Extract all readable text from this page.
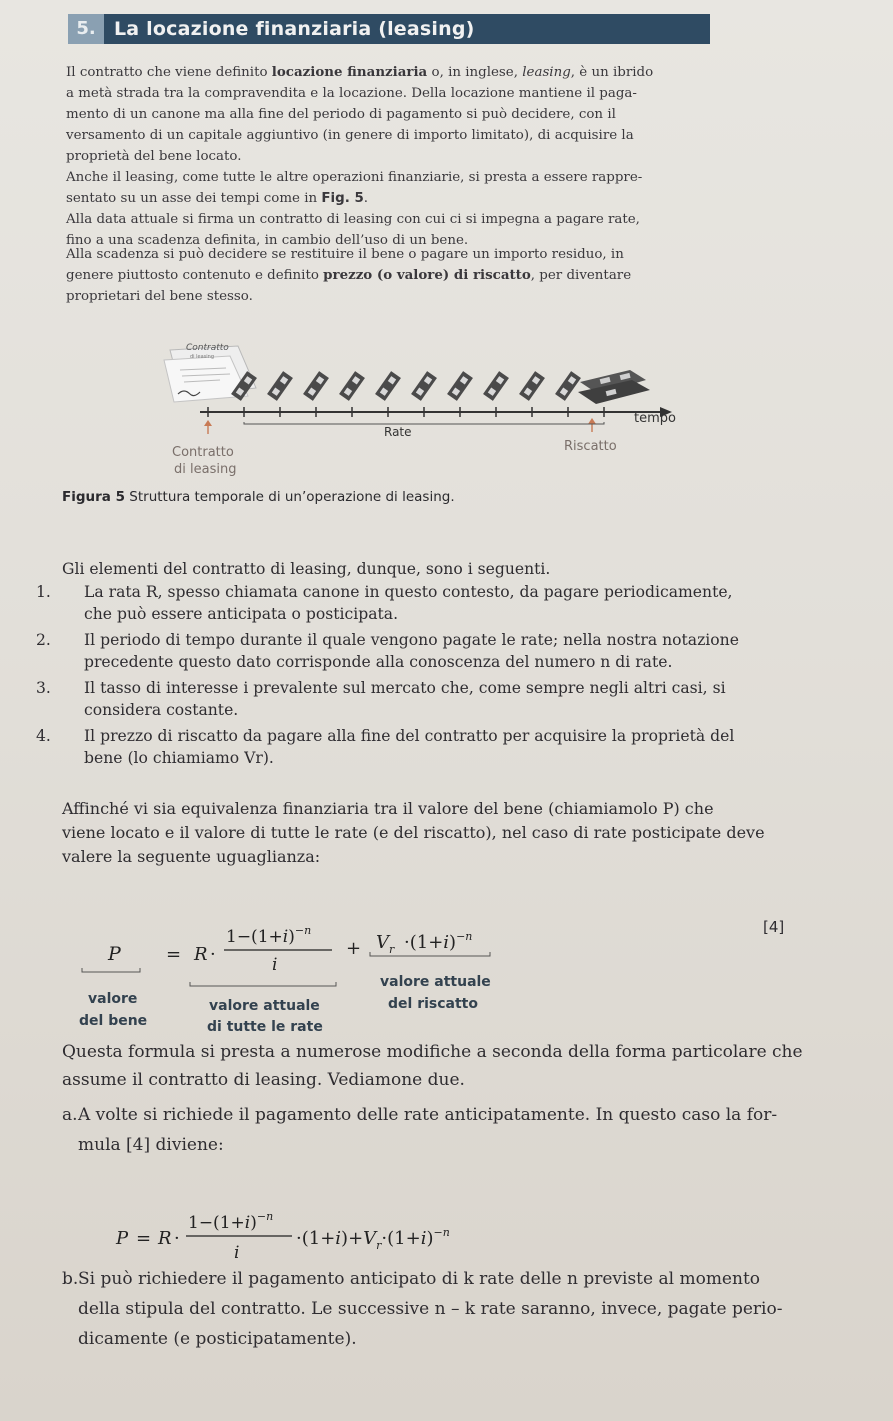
5. La locazione finanziaria (leasing)
Il contratto che viene definito locazione finanziaria o, in inglese, leasing, è un ibrido
a metà strada tra la compravendita e la locazione. Della locazione mantiene il paga-
mento di un canone ma alla fine del periodo di pagamento si può decidere, con il
versamento di un capitale aggiuntivo (in genere di importo limitato), di acquisire la
proprietà del bene locato.
Anche il leasing, come tutte le altre operazioni finanziarie, si presta a essere rappre-
sentato su un asse dei tempi come in Fig. 5.
Alla data attuale si firma un contratto di leasing con cui ci si impegna a pagare rate,
fino a una scadenza definita, in cambio dell’uso di un bene.
Alla scadenza si può decidere se restituire il bene o pagare un importo residuo, in
genere piuttosto contenuto e definito prezzo (o valore) di riscatto, per diventare
proprietari del bene stesso.
Contratto
di leasing
Rate
tempo
Contratto
di leasing
Riscatto
Figura 5 Struttura temporale di un’operazione di leasing.
Gli elementi del contratto di leasing, dunque, sono i seguenti.
1. La rata R, spesso chiamata canone in questo contesto, da pagare periodicamente,
che può essere anticipata o posticipata.
2. Il periodo di tempo durante il quale vengono pagate le rate; nella nostra notazione
precedente questo dato corrisponde alla conoscenza del numero n di rate.
3. Il tasso di interesse i prevalente sul mercato che, come sempre negli altri casi, si
considera costante.
4. Il prezzo di riscatto da pagare alla fine del contratto per acquisire la proprietà del
bene (lo chiamiamo Vr).
Affinché vi sia equivalenza finanziaria tra il valore del bene (chiamiamolo P) che
viene locato e il valore di tutte le rate (e del riscatto), nel caso di rate posticipate deve
valere la seguente uguaglianza:
P	= R ·
$1-(1+i)^{-n}$
i
+ $V_r \cdot(1+i)^{-n}$
[4]
valore
del bene
valore attuale
di tutte le rate
valore attuale
del riscatto
Questa formula si presta a numerose modifiche a seconda della forma particolare che
assume il contratto di leasing. Vediamone due.
a. A volte si richiede il pagamento delle rate anticipatamente. In questo caso la for-
mula [4] diviene:
P = R ·
$1-(1+i)^{-n}$
i
$\cdot(1+i)+V_r\cdot(1+i)^{-n}$
b. Si può richiedere il pagamento anticipato di k rate delle n previste al momento
della stipula del contratto. Le successive n – k rate saranno, invece, pagate perio-
dicamente (e posticipatamente).
